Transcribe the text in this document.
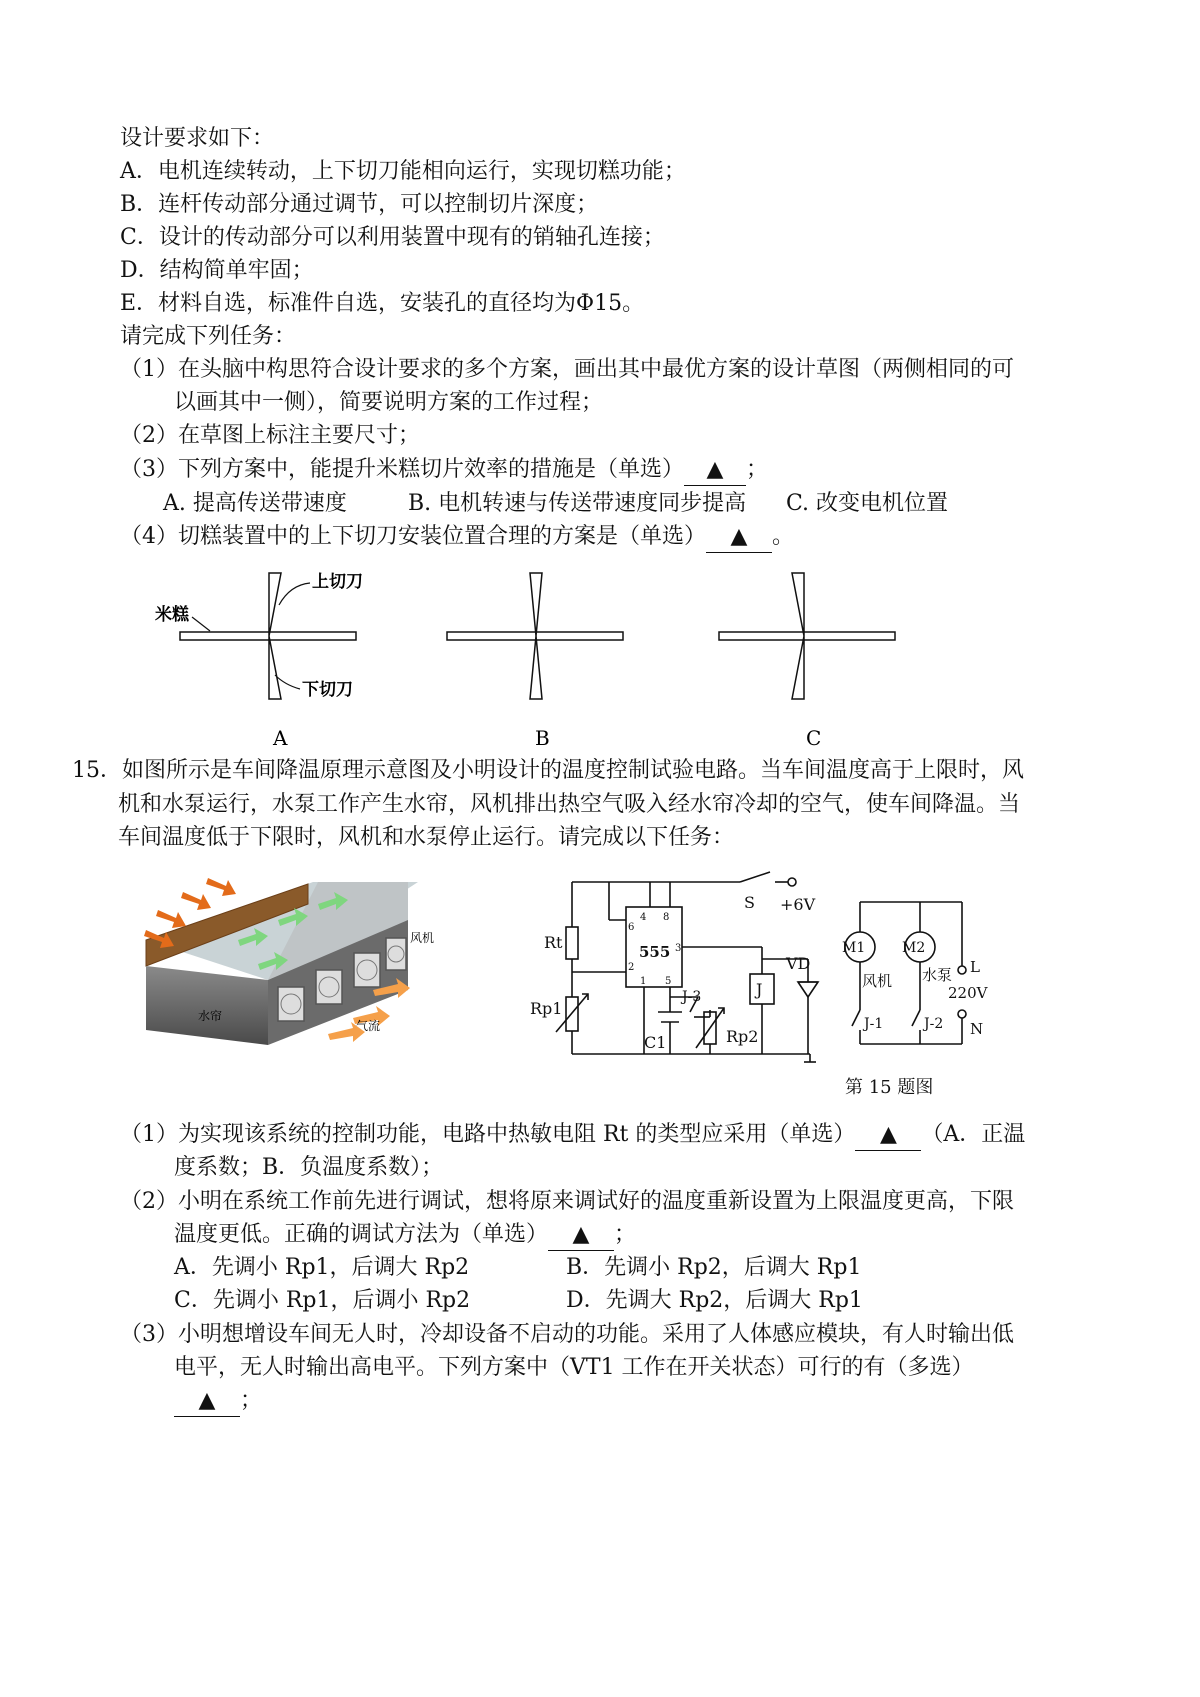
设计要求如下：
A．电机连续转动，上下切刀能相向运行，实现切糕功能；
B．连杆传动部分通过调节，可以控制切片深度；
C．设计的传动部分可以利用装置中现有的销轴孔连接；
D．结构简单牢固；
E．材料自选，标准件自选，安装孔的直径均为Φ15。
请完成下列任务：
（1）在头脑中构思符合设计要求的多个方案，画出其中最优方案的设计草图（两侧相同的可
以画其中一侧），简要说明方案的工作过程；
（2）在草图上标注主要尺寸；
（3）下列方案中，能提升米糕切片效率的措施是（单选） ▲ ；
A. 提高传送带速度	B. 电机转速与传送带速度同步提高 C. 改变电机位置
（4）切糕装置中的上下切刀安装位置合理的方案是（单选） ▲ 。
上切刀
下切刀
米糕
A	B	C
15．如图所示是车间降温原理示意图及小明设计的温度控制试验电路。当车间温度高于上限时，风
机和水泵运行，水泵工作产生水帘，风机排出热空气吸入经水帘冷却的空气，使车间降温。当
车间温度低于下限时，风机和水泵停止运行。请完成以下任务：
风机
水帘
气流
S +6V
Rt
Rp1
Rp2
C1
J-3	J
VD
555	M1	M2
风机 水泵
J-1	J-2
L
N
220V
4 8
6
3
2
1 5
第 15 题图
（1）为实现该系统的控制功能，电路中热敏电阻 Rt 的类型应采用（单选） ▲ （A．正温
度系数；B．负温度系数）；
（2）小明在系统工作前先进行调试，想将原来调试好的温度重新设置为上限温度更高，下限
温度更低。正确的调试方法为（单选） ▲ ；
A．先调小 Rp1，后调大 Rp2	B．先调小 Rp2，后调大 Rp1
C．先调小 Rp1，后调小 Rp2	D．先调大 Rp2，后调大 Rp1
（3）小明想增设车间无人时，冷却设备不启动的功能。采用了人体感应模块，有人时输出低
电平，无人时输出高电平。下列方案中（VT1 工作在开关状态）可行的有（多选）
▲ ；
